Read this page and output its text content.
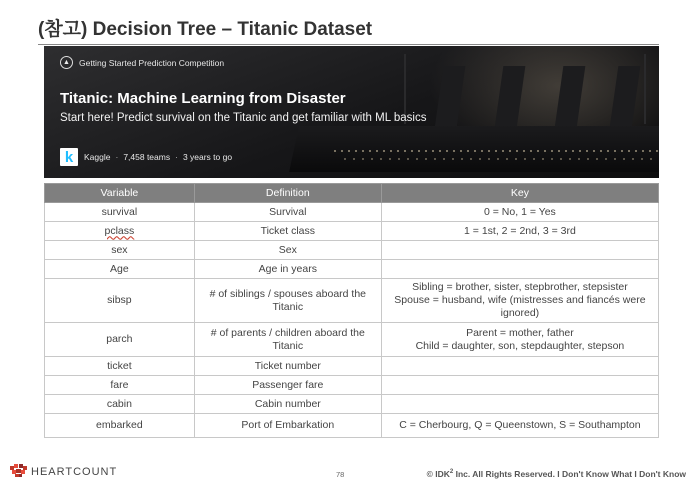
(참고) Decision Tree – Titanic Dataset
▲	Getting Started Prediction Competition
Titanic: Machine Learning from Disaster
Start here! Predict survival on the Titanic and get familiar with ML basics
k	Kaggle · 7,458 teams · 3 years to go
Variable	Definition	Key
survival	Survival	0 = No, 1 = Yes
pclass	Ticket class	1 = 1st, 2 = 2nd, 3 = 3rd
sex	Sex	
Age	Age in years	
sibsp	# of siblings / spouses aboard the Titanic	Sibling = brother, sister, stepbrother, stepsister
Spouse = husband, wife (mistresses and fiancés were ignored)
parch	# of parents / children aboard the Titanic	Parent = mother, father
Child = daughter, son, stepdaughter, stepson
ticket	Ticket number	
fare	Passenger fare	
cabin	Cabin number	
embarked	Port of Embarkation	C = Cherbourg, Q = Queenstown, S = Southampton
HEARTCOUNT	78	© IDK$^2$ Inc. All Rights Reserved. I Don't Know What I Don't Know
